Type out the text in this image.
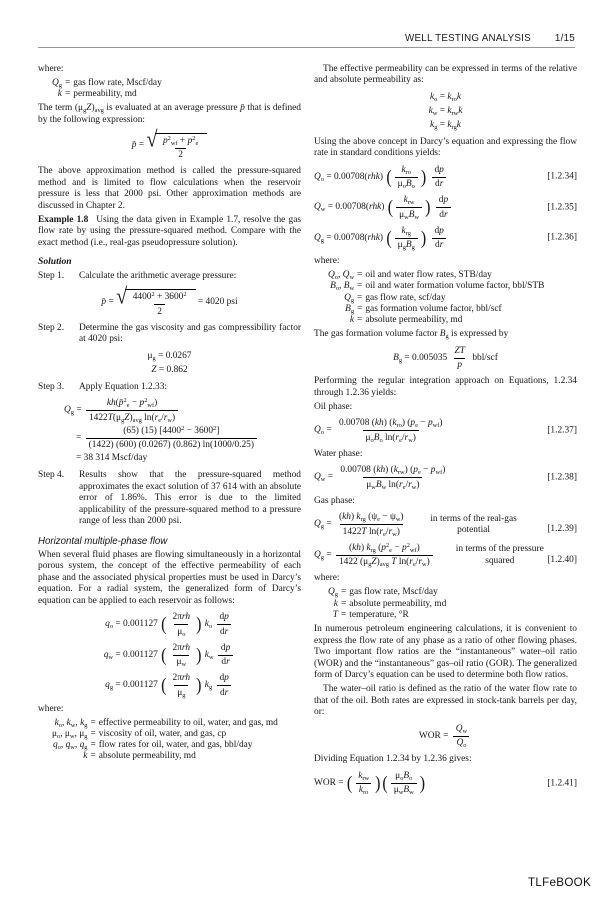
WELL TESTING ANALYSIS 1/15
where:
$Q_g$	=	gas flow rate, Mscf/day
k	=	permeability, md
The term $(\mu_gZ)_{avg}$ is evaluated at an average pressure p̄ that is defined by the following expression:
p̄ = √ $\frac{p^2_{wf} + p^2_e}{2}$
The above approximation method is called the pressure-squared method and is limited to flow calculations when the reservoir pressure is less that 2000 psi. Other approximation methods are discussed in Chapter 2.
Example 1.8  Using the data given in Example 1.7, resolve the gas flow rate by using the pressure-squared method. Compare with the exact method (i.e., real-gas pseudopressure solution).
Solution
Step 1.	Calculate the arithmetic average pressure:
p̄ = √ $\frac{4400^2 + 3600^2}{2} = 4020$ psi
Step 2.	Determine the gas viscosity and gas compressibility factor at 4020 psi:
$\mu_g = 0.0267$
Z = 0.862
Step 3.	Apply Equation 1.2.33:
$Q_g = \frac{kh(p̄^2_e - p^2_{wf})}{1422T(\mu_gZ)_{avg} \ln(r_e/r_w)}$
= $\frac{(65) (15) [4400^2 - 3600^2]}{(1422) (600) (0.0267) (0.862) \ln(1000/0.25)}$
= 38 314 Mscf/day
Step 4.	Results show that the pressure-squared method approximates the exact solution of 37 614 with an absolute error of 1.86%. This error is due to the limited applicability of the pressure-squared method to a pressure range of less than 2000 psi.
Horizontal multiple-phase flow
When several fluid phases are flowing simultaneously in a horizontal porous system, the concept of the effective permeability of each phase and the associated physical properties must be used in Darcy’s equation. For a radial system, the generalized form of Darcy’s equation can be applied to each reservoir as follows:
$q_o = 0.001127$ ( $\frac{\text{2πrh}}{\mu_o}$ ) $k_o \frac{dp}{dr}$
$q_w = 0.001127$ ( $\frac{\text{2πrh}}{\mu_w}$ ) $k_w \frac{dp}{dr}$
$q_g = 0.001127$ ( $\frac{\text{2πrh}}{\mu_g}$ ) $k_g \frac{dp}{dr}$
where:
$k_o$, $k_w$, $k_g$	=	effective permeability to oil, water, and gas, md
$\mu_o$, $\mu_w$, $\mu_g$	=	viscosity of oil, water, and gas, cp
$q_o$, $q_w$, $q_g$	=	flow rates for oil, water, and gas, bbl/day
k	=	absolute permeability, md
The effective permeability can be expressed in terms of the relative and absolute permeability as:
$k_o = k_{ro}k$
$k_w = k_{rw}k$
$k_g = k_{rg}k$
Using the above concept in Darcy’s equation and expressing the flow rate in standard conditions yields:
$Q_o = 0.00708(rhk)$ ( $\frac{k_{ro}}{\mu_oB_o}$ )
$\frac{dp}{dr}$	[1.2.34]
$Q_w = 0.00708(rhk)$ ( $\frac{k_{rw}}{\mu_wB_w}$ )
$\frac{dp}{dr}$	[1.2.35]
$Q_g = 0.00708(rhk)$ ( $\frac{k_{rg}}{\mu_gB_g}$ )
$\frac{dp}{dr}$	[1.2.36]
where:
$Q_o$, $Q_w$	=	oil and water flow rates, STB/day
$B_o$, $B_w$	=	oil and water formation volume factor, bbl/STB
$Q_g$	=	gas flow rate, scf/day
$B_g$	=	gas formation volume factor, bbl/scf
k	=	absolute permeability, md
The gas formation volume factor $B_g$ is expressed by
$B_g = 0.005035 \frac{ZT}{p} bbl/scf$
Performing the regular integration approach on Equations, 1.2.34 through 1.2.36 yields:
Oil phase:
$Q_o = \frac{0.00708 (kh) (k_{ro}) (p_e - p_{wf})}{\mu_oB_o \ln(r_e/r_w)}$	[1.2.37]
Water phase:
$Q_w = \frac{0.00708 (kh) (k_{rw}) (p_e - p_{wf})}{\mu_wB_w \ln(r_e/r_w)}$	[1.2.38]
Gas phase:
$Q_g = \frac{(kh) k_{rg} (\psi_e - \psi_w)}{1422T \ln(r_e/r_w)}$	in terms of the real-gas potential	[1.2.39]
$Q_g = \frac{(kh) k_{rg} (p^2_e - p^2_{wf})}{1422 (\mu_gZ)_{avg} T \ln(r_e/r_w)}$	in terms of the pressure squared	[1.2.40]
where:
$Q_g$	=	gas flow rate, Mscf/day
k	=	absolute permeability, md
T	=	temperature, °R
In numerous petroleum engineering calculations, it is convenient to express the flow rate of any phase as a ratio of other flowing phases. Two important flow ratios are the “instantaneous” water–oil ratio (WOR) and the “instantaneous” gas–oil ratio (GOR). The generalized form of Darcy’s equation can be used to determine both flow ratios.
The water–oil ratio is defined as the ratio of the water flow rate to that of the oil. Both rates are expressed in stock-tank barrels per day, or:
WOR = $\frac{Q_w}{Q_o}$
Dividing Equation 1.2.34 by 1.2.36 gives:
WOR = ( $\frac{k_{rw}}{k_{ro}}$ ) ( $\frac{\mu_oB_o}{\mu_wB_w}$ )	[1.2.41]
TLFeBOOK
